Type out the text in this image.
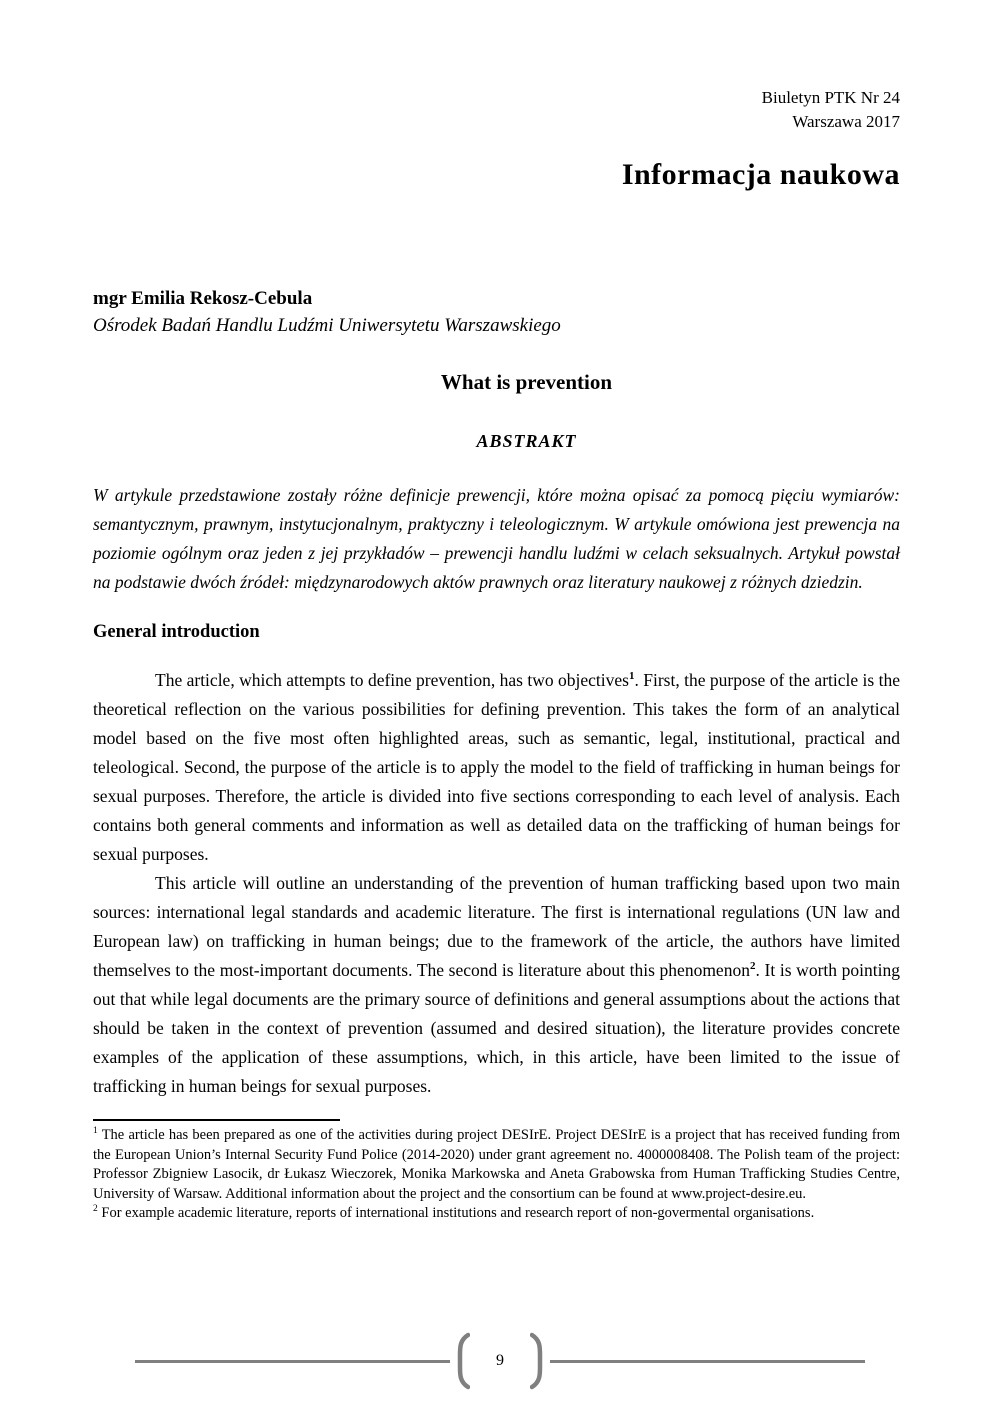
Biuletyn PTK Nr 24
Warszawa 2017
Informacja naukowa
mgr Emilia Rekosz-Cebula
Ośrodek Badań Handlu Ludźmi Uniwersytetu Warszawskiego
What is prevention
ABSTRAKT

W artykule przedstawione zostały różne definicje prewencji, które można opisać za pomocą pięciu wymiarów: semantycznym, prawnym, instytucjonalnym, praktyczny i teleologicznym. W artykule omówiona jest prewencja na poziomie ogólnym oraz jeden z jej przykładów – prewencji handlu ludźmi w celach seksualnych. Artykuł powstał na podstawie dwóch źródeł: międzynarodowych aktów prawnych oraz literatury naukowej z różnych dziedzin.

General introduction

The article, which attempts to define prevention, has two objectives$^1$. First, the purpose of the article is the theoretical reflection on the various possibilities for defining prevention. This takes the form of an analytical model based on the five most often highlighted areas, such as semantic, legal, institutional, practical and teleological. Second, the purpose of the article is to apply the model to the field of trafficking in human beings for sexual purposes. Therefore, the article is divided into five sections corresponding to each level of analysis. Each contains both general comments and information as well as detailed data on the trafficking of human beings for sexual purposes.

This article will outline an understanding of the prevention of human trafficking based upon two main sources: international legal standards and academic literature. The first is international regulations (UN law and European law) on trafficking in human beings; due to the framework of the article, the authors have limited themselves to the most-important documents. The second is literature about this phenomenon$^2$. It is worth pointing out that while legal documents are the primary source of definitions and general assumptions about the actions that should be taken in the context of prevention (assumed and desired situation), the literature provides concrete examples of the application of these assumptions, which, in this article, have been limited to the issue of trafficking in human beings for sexual purposes.

$^1$ The article has been prepared as one of the activities during project DESIrE. Project DESIrE is a project that has received funding from the European Union’s Internal Security Fund Police (2014-2020) under grant agreement no. 4000008408. The Polish team of the project: Professor Zbigniew Lasocik, dr Łukasz Wieczorek, Monika Markowska and Aneta Grabowska from Human Trafficking Studies Centre, University of Warsaw. Additional information about the project and the consortium can be found at www.project-desire.eu.

$^2$ For example academic literature, reports of international institutions and research report of non-govermental organisations.

9
